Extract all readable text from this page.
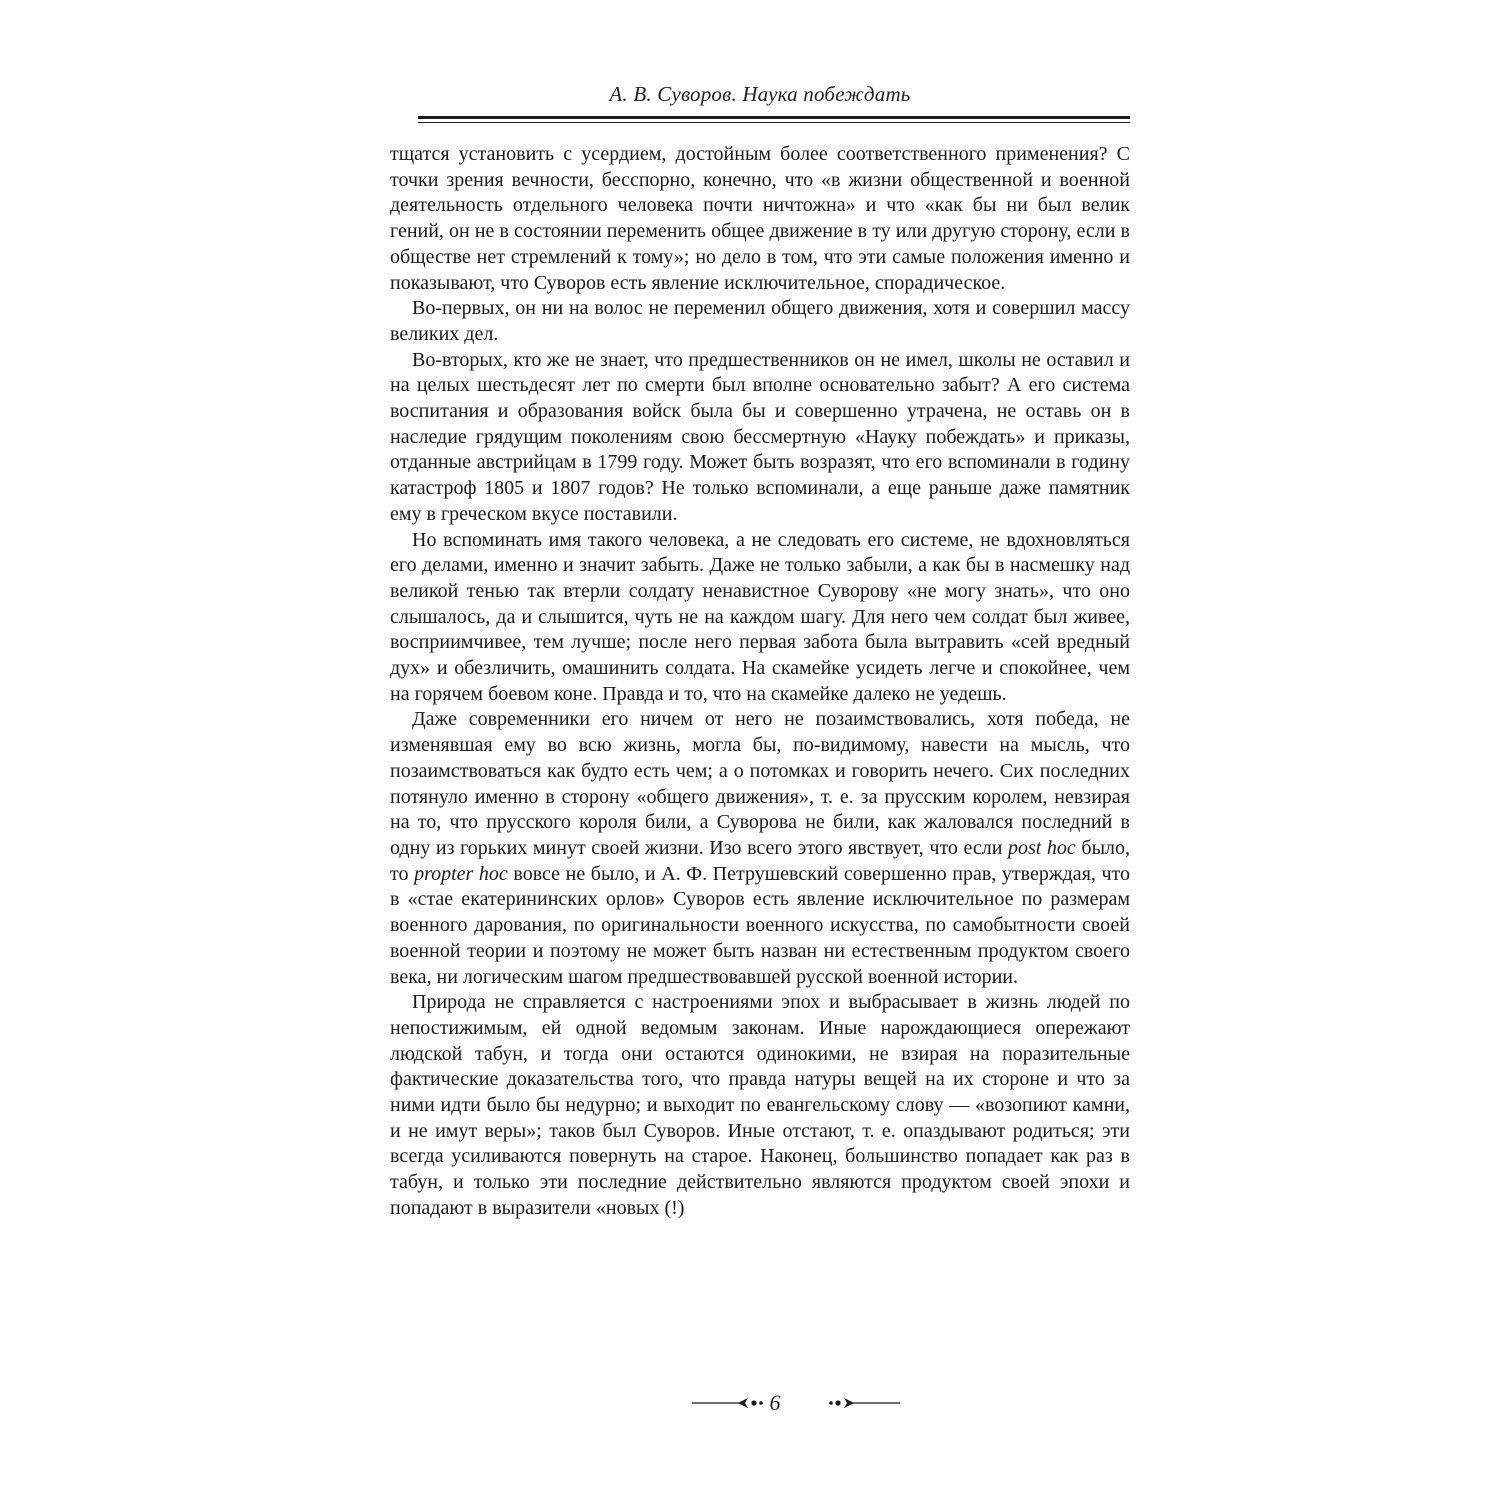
А. В. Суворов. Наука побеждать

тщатся установить с усердием, достойным более соответственного применения? С точки зрения вечности, бесспорно, конечно, что «в жизни общественной и военной деятельность отдельного человека почти ничтожна» и что «как бы ни был велик гений, он не в состоянии переменить общее движение в ту или другую сторону, если в обществе нет стремлений к тому»; но дело в том, что эти самые положения именно и показывают, что Суворов есть явление исключительное, спорадическое.

Во-первых, он ни на волос не переменил общего движения, хотя и совершил массу великих дел.

Во-вторых, кто же не знает, что предшественников он не имел, школы не оставил и на целых шестьдесят лет по смерти был вполне основательно забыт? А его система воспитания и образования войск была бы и совершенно утрачена, не оставь он в наследие грядущим поколениям свою бессмертную «Науку побеждать» и приказы, отданные австрийцам в 1799 году. Может быть возразят, что его вспоминали в годину катастроф 1805 и 1807 годов? Не только вспоминали, а еще раньше даже памятник ему в греческом вкусе поставили.

Но вспоминать имя такого человека, а не следовать его системе, не вдохновляться его делами, именно и значит забыть. Даже не только забыли, а как бы в насмешку над великой тенью так втерли солдату ненавистное Суворову «не могу знать», что оно слышалось, да и слышится, чуть не на каждом шагу. Для него чем солдат был живее, восприимчивее, тем лучше; после него первая забота была вытравить «сей вредный дух» и обезличить, омашинить солдата. На скамейке усидеть легче и спокойнее, чем на горячем боевом коне. Правда и то, что на скамейке далеко не уедешь.

Даже современники его ничем от него не позаимствовались, хотя победа, не изменявшая ему во всю жизнь, могла бы, по-видимому, навести на мысль, что позаимствоваться как будто есть чем; а о потомках и говорить нечего. Сих последних потянуло именно в сторону «общего движения», т. е. за прусским королем, невзирая на то, что прусского короля били, а Суворова не били, как жаловался последний в одну из горьких минут своей жизни. Изо всего этого явствует, что если post hoc было, то propter hoc вовсе не было, и А. Ф. Петрушевский совершенно прав, утверждая, что в «стае екатерининских орлов» Суворов есть явление исключительное по размерам военного дарования, по оригинальности военного искусства, по самобытности своей военной теории и поэтому не может быть назван ни естественным продуктом своего века, ни логическим шагом предшествовавшей русской военной истории.

Природа не справляется с настроениями эпох и выбрасывает в жизнь людей по непостижимым, ей одной ведомым законам. Иные нарождающиеся опережают людской табун, и тогда они остаются одинокими, не взирая на поразительные фактические доказательства того, что правда натуры вещей на их стороне и что за ними идти было бы недурно; и выходит по евангельскому слову — «возопиют камни, и не имут веры»; таков был Суворов. Иные отстают, т. е. опаздывают родиться; эти всегда усиливаются повернуть на старое. Наконец, большинство попадает как раз в табун, и только эти последние действительно являются продуктом своей эпохи и попадают в выразители «новых (!)

6
